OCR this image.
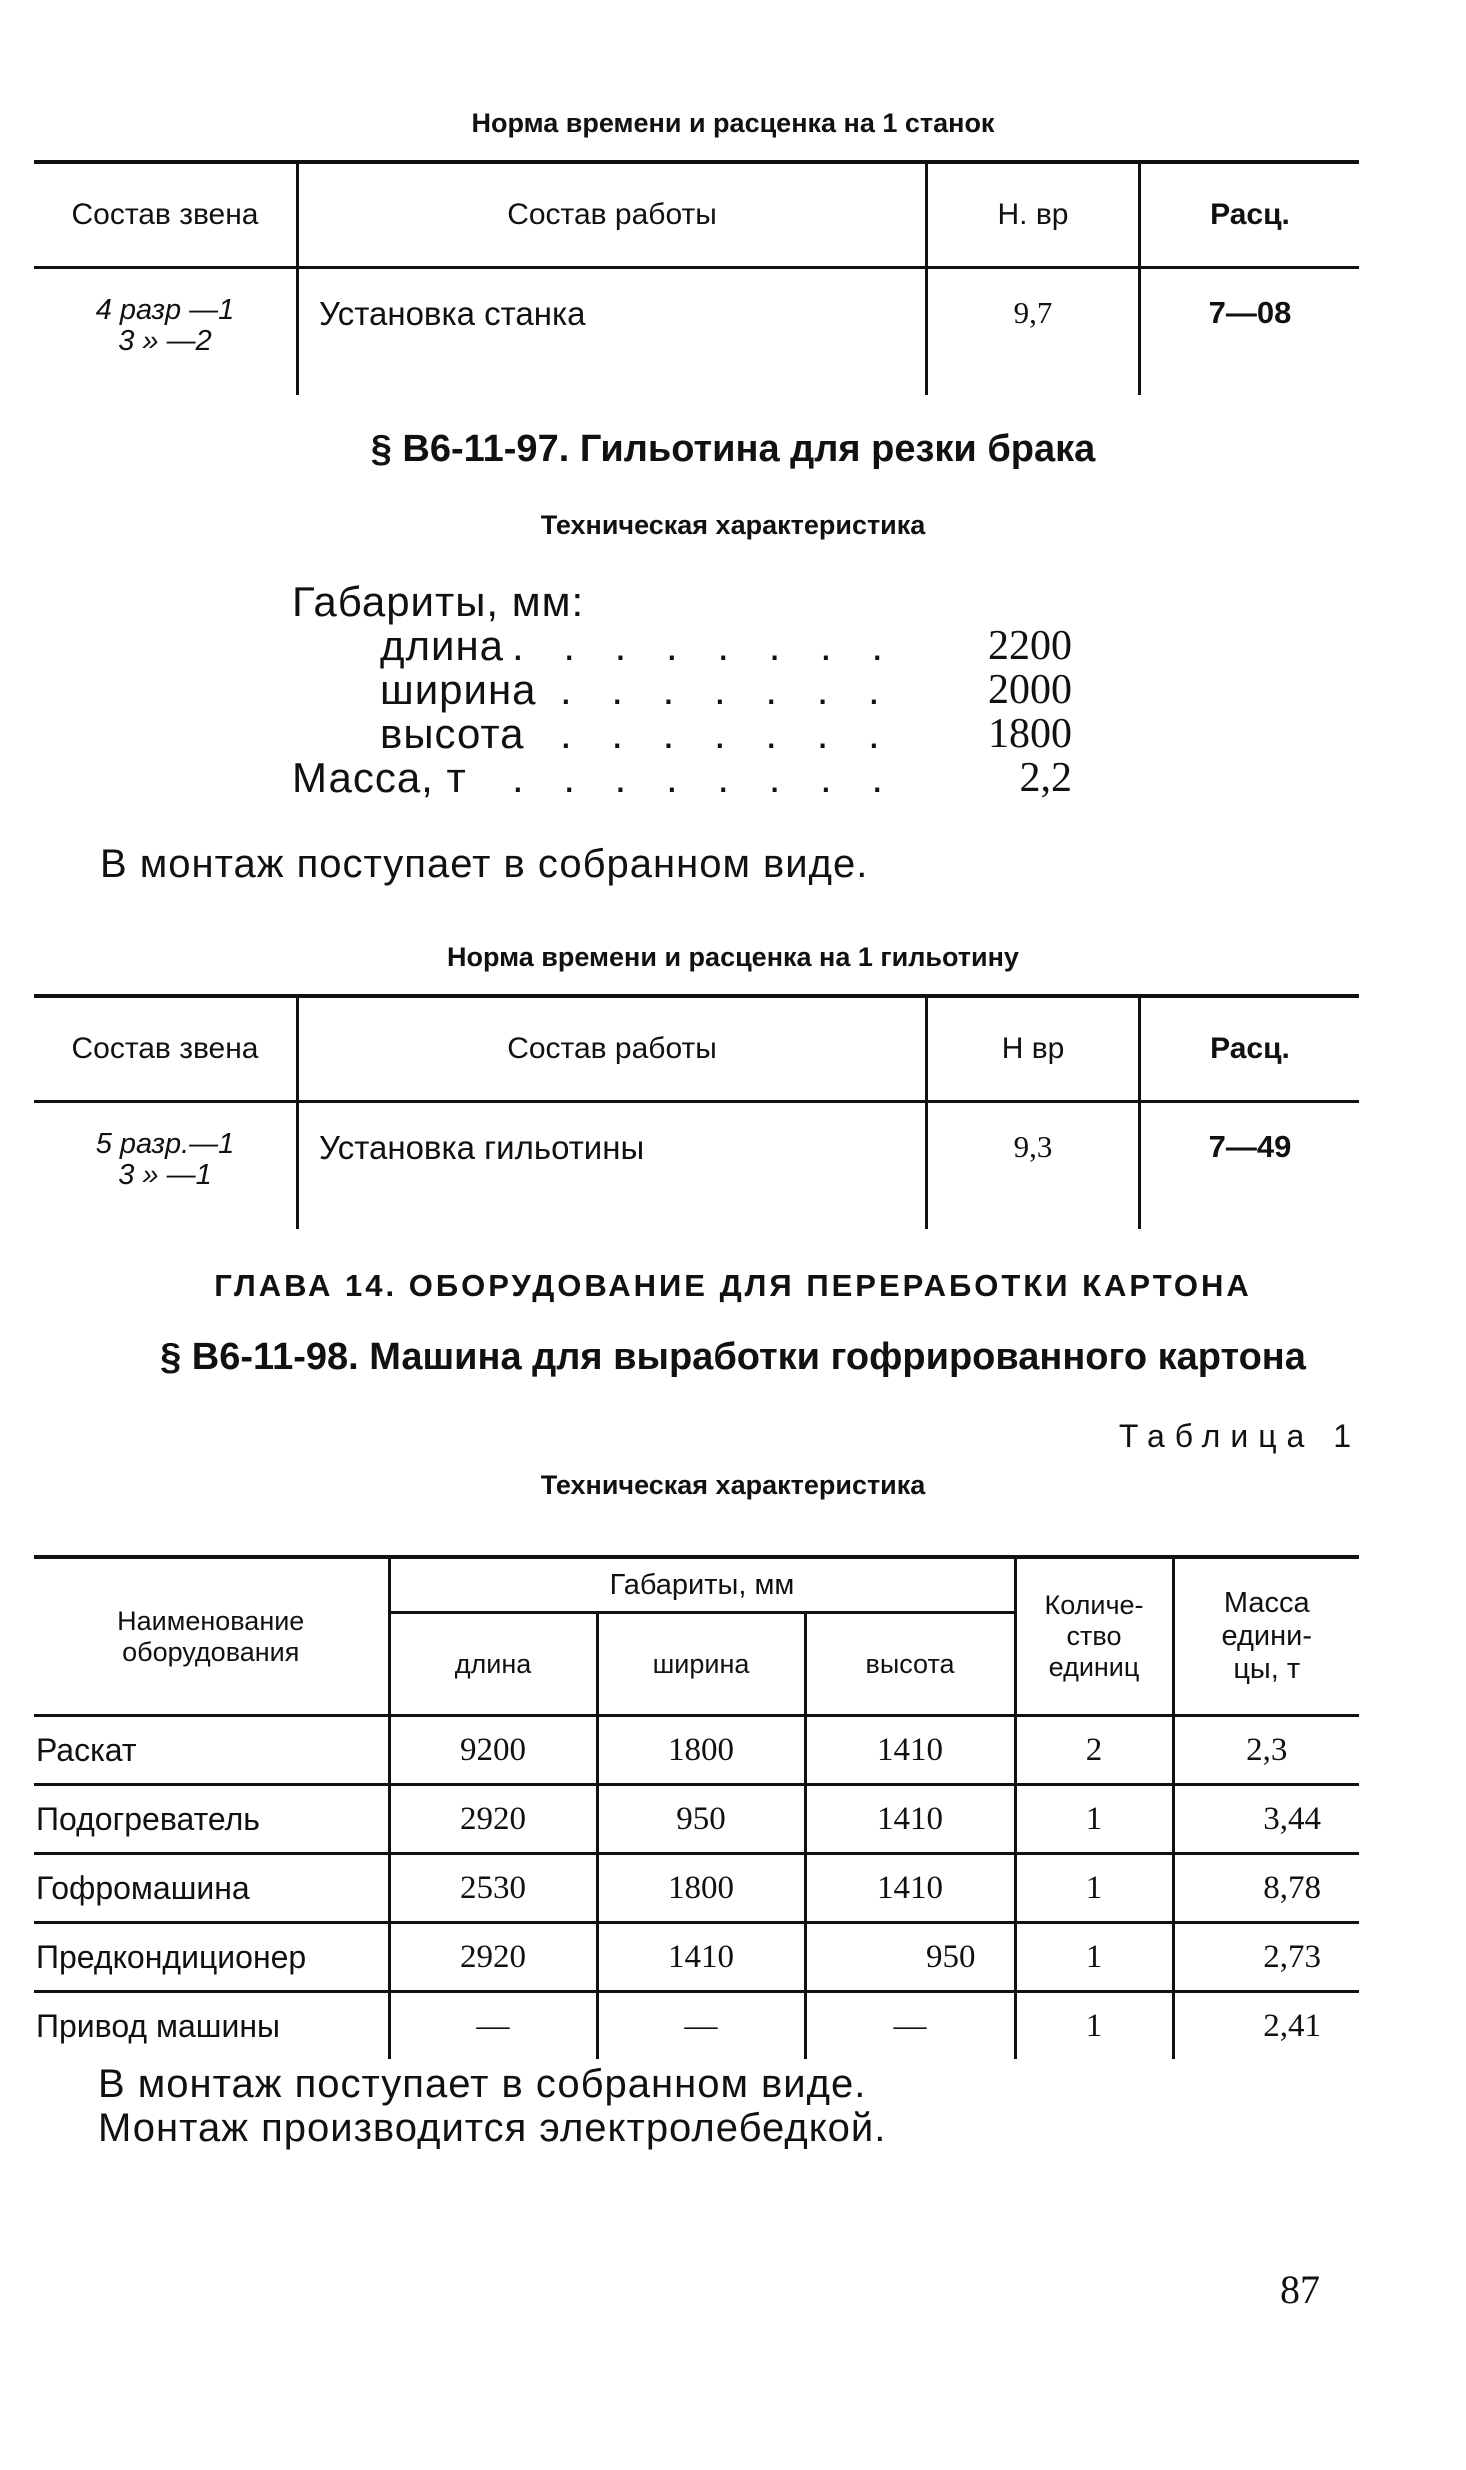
Норма времени и расценка на 1 станок
Состав звена	Состав работы	Н. вр	Расц.

4 разр —1
3 » —2	Установка станка	9,7	7—08
§ В6-11-97. Гильотина для резки брака
Техническая характеристика
Габариты, мм:
длина . . . . . . . .	2200
ширина . . . . . . .	2000
высота . . . . . . .	1800
Масса, т . . . . . . . .	2,2
В монтаж поступает в собранном виде.
Норма времени и расценка на 1 гильотину
Состав звена	Состав работы	Н вр	Расц.

5 разр.—1
3 » —1	Установка гильотины	9,3	7—49
ГЛАВА 14. ОБОРУДОВАНИЕ ДЛЯ ПЕРЕРАБОТКИ КАРТОНА
§ В6-11-98. Машина для выработки гофрированного картона
Таблица 1
Техническая характеристика
Наименование
оборудования	Габариты, мм			Количе-
ство
единиц	Масса
едини-
цы, т

	длина	ширина	высота		
Раскат	9200	1800	1410	2	2,3
Подогреватель	2920	950	1410	1	3,44
Гофромашина	2530	1800	1410	1	8,78
Предкондиционер	2920	1410	950	1	2,73
Привод машины	—	—	—	1	2,41
В монтаж поступает в собранном виде.
Монтаж производится электролебедкой.
87
